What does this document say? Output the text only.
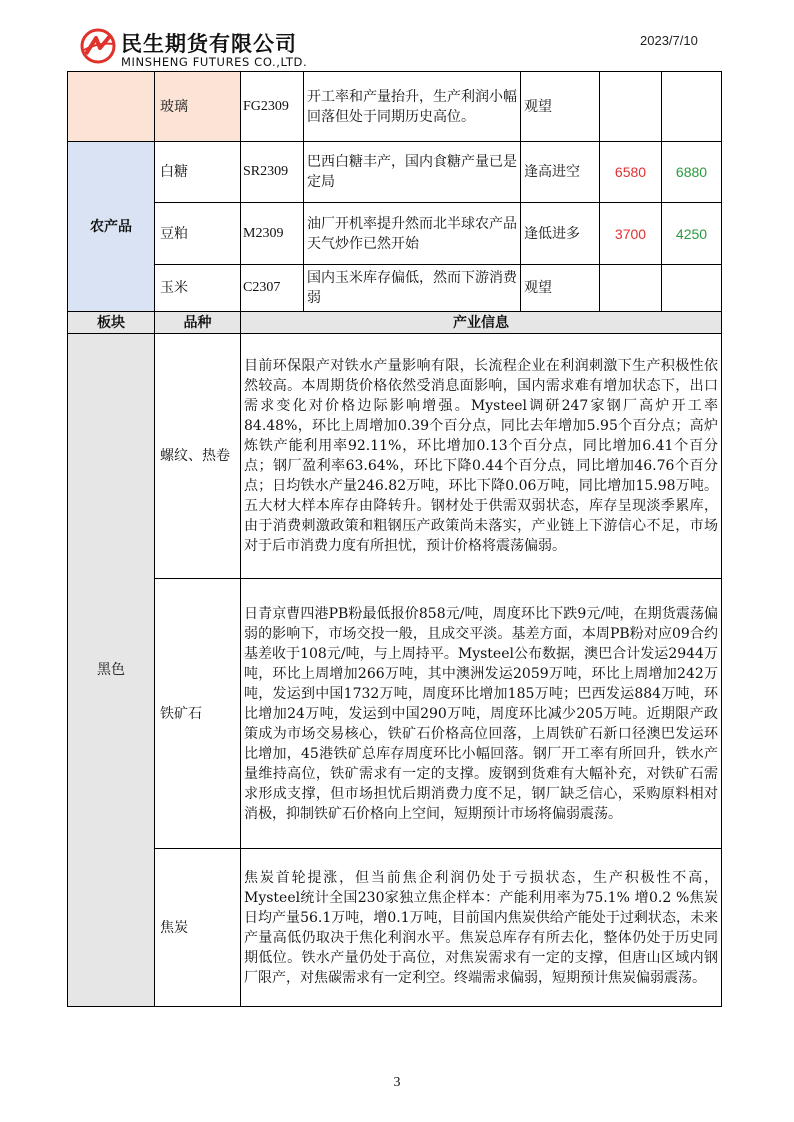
民生期货有限公司
MINSHENG FUTURES CO.,LTD.
2023/7/10
	玻璃	FG2309	开工率和产量抬升，生产利润小幅回落但处于同期历史高位。	观望		
农产品	白糖	SR2309	巴西白糖丰产，国内食糖产量已是定局	逢高进空	6580	6880
	豆粕	M2309	油厂开机率提升然而北半球农产品天气炒作已然开始	逢低进多	3700	4250
	玉米	C2307	国内玉米库存偏低，然而下游消费弱	观望		
板块	品种	产业信息				
黑色	螺纹、热卷	目前环保限产对铁水产量影响有限，长流程企业在利润刺激下生产积极性依然较高。本周期货价格依然受消息面影响，国内需求难有增加状态下，出口需求变化对价格边际影响增强。Mysteel调研247家钢厂高炉开工率84.48%，环比上周增加0.39个百分点，同比去年增加5.95个百分点；高炉炼铁产能利用率92.11%，环比增加0.13个百分点，同比增加6.41个百分点；钢厂盈利率63.64%，环比下降0.44个百分点，同比增加46.76个百分点；日均铁水产量246.82万吨，环比下降0.06万吨，同比增加15.98万吨。五大材大样本库存由降转升。钢材处于供需双弱状态，库存呈现淡季累库，由于消费刺激政策和粗钢压产政策尚未落实，产业链上下游信心不足，市场对于后市消费力度有所担忧，预计价格将震荡偏弱。				
	铁矿石	日青京曹四港PB粉最低报价858元/吨，周度环比下跌9元/吨，在期货震荡偏弱的影响下，市场交投一般，且成交平淡。基差方面，本周PB粉对应09合约基差收于108元/吨，与上周持平。Mysteel公布数据，澳巴合计发运2944万吨，环比上周增加266万吨，其中澳洲发运2059万吨，环比上周增加242万吨，发运到中国1732万吨，周度环比增加185万吨；巴西发运884万吨，环比增加24万吨，发运到中国290万吨，周度环比减少205万吨。近期限产政策成为市场交易核心，铁矿石价格高位回落，上周铁矿石新口径澳巴发运环比增加，45港铁矿总库存周度环比小幅回落。钢厂开工率有所回升，铁水产量维持高位，铁矿需求有一定的支撑。废钢到货难有大幅补充，对铁矿石需求形成支撑，但市场担忧后期消费力度不足，钢厂缺乏信心，采购原料相对消极，抑制铁矿石价格向上空间，短期预计市场将偏弱震荡。				
	焦炭	焦炭首轮提涨，但当前焦企利润仍处于亏损状态，生产积极性不高，Mysteel统计全国230家独立焦企样本：产能利用率为75.1% 增0.2 %焦炭日均产量56.1万吨，增0.1万吨，目前国内焦炭供给产能处于过剩状态，未来产量高低仍取决于焦化利润水平。焦炭总库存有所去化，整体仍处于历史同期低位。铁水产量仍处于高位，对焦炭需求有一定的支撑，但唐山区域内钢厂限产，对焦碳需求有一定利空。终端需求偏弱，短期预计焦炭偏弱震荡。				
3
